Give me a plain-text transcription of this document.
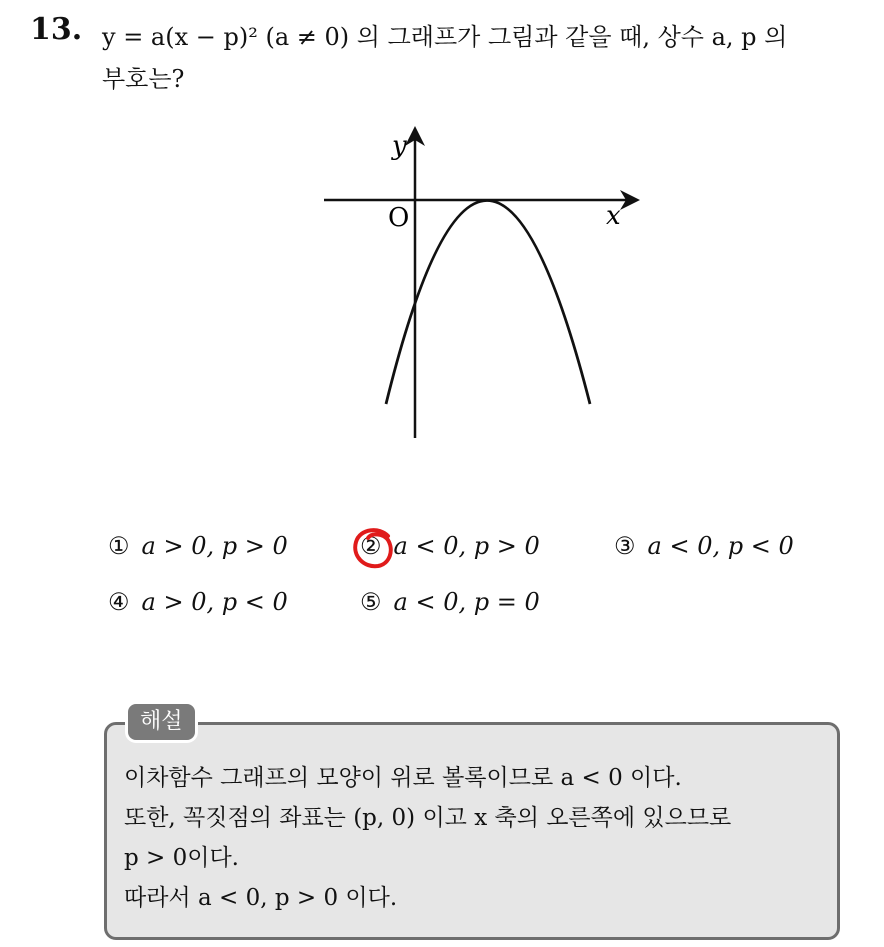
13. y = a(x − p)² (a ≠ 0) 의 그래프가 그림과 같을 때, 상수 a, p 의
부호는?
y
x
O
① a > 0, p > 0	② a < 0, p > 0	③ a < 0, p < 0
④ a > 0, p < 0	⑤ a < 0, p = 0
해설
이차함수 그래프의 모양이 위로 볼록이므로 a < 0 이다.
또한, 꼭짓점의 좌표는 (p, 0) 이고 x 축의 오른쪽에 있으므로
p > 0이다.
따라서 a < 0, p > 0 이다.
